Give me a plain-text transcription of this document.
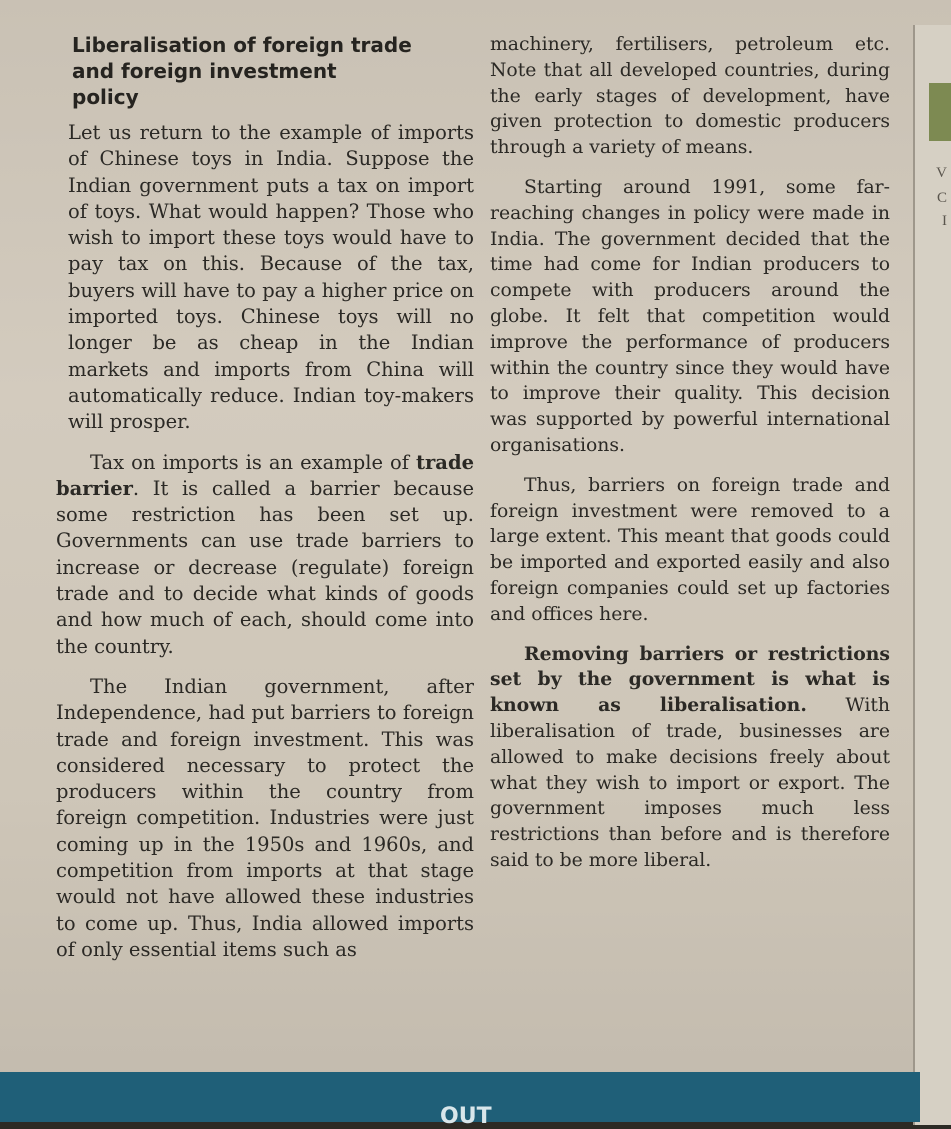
V
C
I
Liberalisation of foreign trade
and foreign investment
policy

Let us return to the example of imports of Chinese toys in India. Suppose the Indian government puts a tax on import of toys. What would happen? Those who wish to import these toys would have to pay tax on this. Because of the tax, buyers will have to pay a higher price on imported toys. Chinese toys will no longer be as cheap in the Indian markets and imports from China will automatically reduce. Indian toy-makers will prosper.

Tax on imports is an example of trade barrier. It is called a barrier because some restriction has been set up. Governments can use trade barriers to increase or decrease (regulate) foreign trade and to decide what kinds of goods and how much of each, should come into the country.

The Indian government, after Independence, had put barriers to foreign trade and foreign investment. This was considered necessary to protect the producers within the country from foreign competition. Industries were just coming up in the 1950s and 1960s, and competition from imports at that stage would not have allowed these industries to come up. Thus, India allowed imports of only essential items such as

machinery, fertilisers, petroleum etc. Note that all developed countries, during the early stages of development, have given protection to domestic producers through a variety of means.

Starting around 1991, some far-reaching changes in policy were made in India. The government decided that the time had come for Indian producers to compete with producers around the globe. It felt that competition would improve the performance of producers within the country since they would have to improve their quality. This decision was supported by powerful international organisations.

Thus, barriers on foreign trade and foreign investment were removed to a large extent. This meant that goods could be imported and exported easily and also foreign companies could set up factories and offices here.

Removing barriers or restrictions set by the government is what is known as liberalisation. With liberalisation of trade, businesses are allowed to make decisions freely about what they wish to import or export. The government imposes much less restrictions than before and is therefore said to be more liberal.

OUT
